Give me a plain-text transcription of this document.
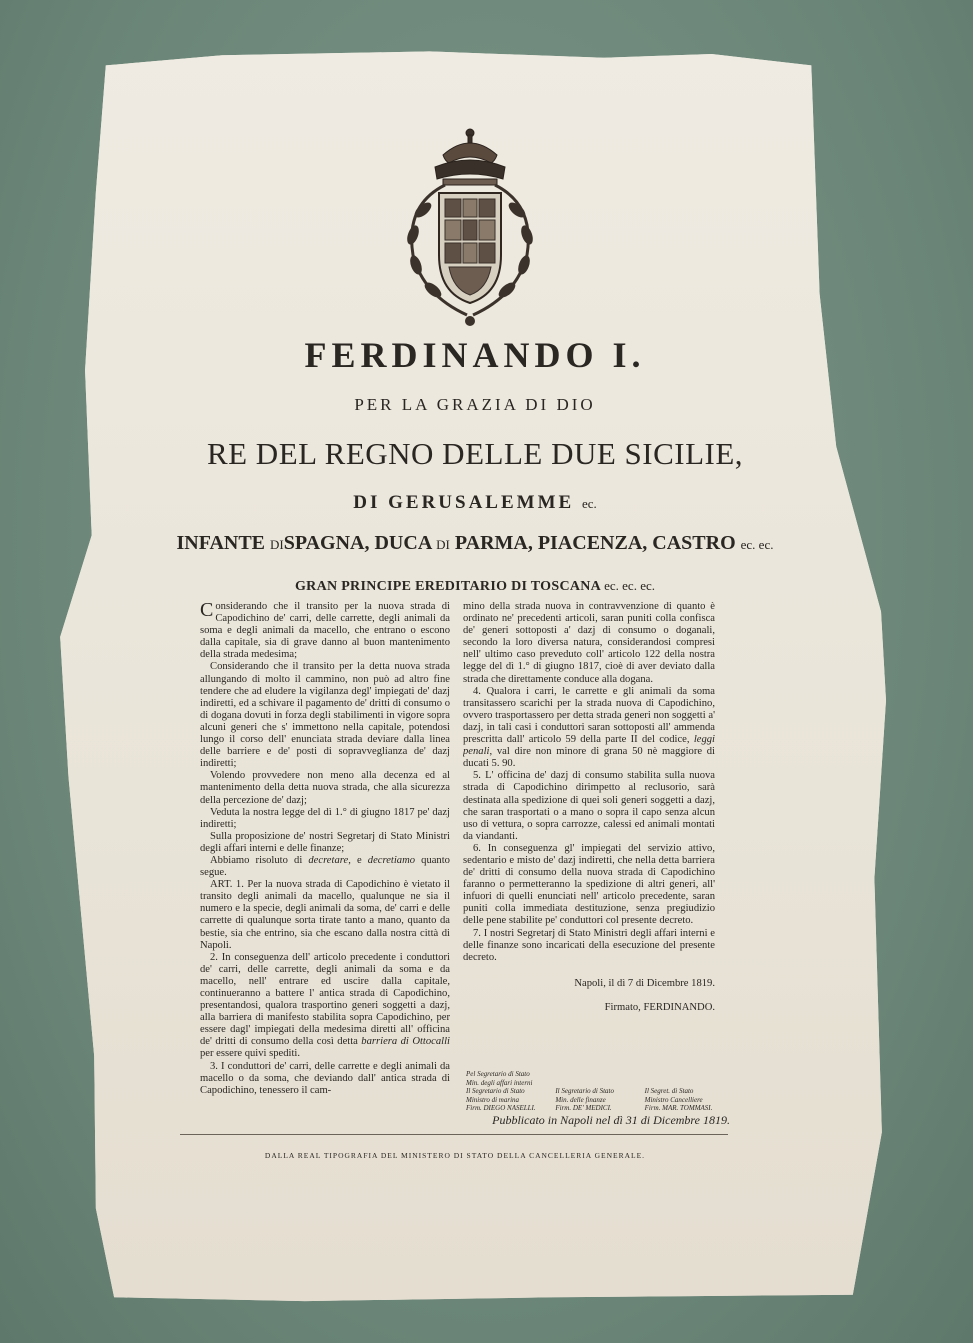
FERDINANDO I.
PER LA GRAZIA DI DIO
RE DEL REGNO DELLE DUE SICILIE,
DI GERUSALEMME ec.
INFANTE DISPAGNA, DUCA DI PARMA, PIACENZA, CASTRO ec. ec.
GRAN PRINCIPE EREDITARIO DI TOSCANA ec. ec. ec.

Considerando che il transito per la nuova strada di Capodichino de' carri, delle carrette, degli animali da soma e degli animali da macello, che entrano o escono dalla capitale, sia di grave danno al buon mantenimento della strada medesima;

Considerando che il transito per la detta nuova strada allungando di molto il cammino, non può ad altro fine tendere che ad eludere la vigilanza degl' impiegati de' dazj indiretti, ed a schivare il pagamento de' dritti di consumo o di dogana dovuti in forza degli stabilimenti in vigore sopra alcuni generi che s' immettono nella capitale, potendosi lungo il corso dell' enunciata strada deviare dalla linea delle barriere e de' posti di sopravveglianza de' dazj indiretti;

Volendo provvedere non meno alla decenza ed al mantenimento della detta nuova strada, che alla sicurezza della percezione de' dazj;

Veduta la nostra legge del dì 1.° di giugno 1817 pe' dazj indiretti;

Sulla proposizione de' nostri Segretarj di Stato Ministri degli affari interni e delle finanze;

Abbiamo risoluto di decretare, e decretiamo quanto segue.

ART. 1. Per la nuova strada di Capodichino è vietato il transito degli animali da macello, qualunque ne sia il numero e la specie, degli animali da soma, de' carri e delle carrette di qualunque sorta tirate tanto a mano, quanto da bestie, sia che entrino, sia che escano dalla nostra città di Napoli.

2. In conseguenza dell' articolo precedente i conduttori de' carri, delle carrette, degli animali da soma e da macello, nell' entrare ed uscire dalla capitale, continueranno a battere l' antica strada di Capodichino, presentandosi, qualora trasportino generi soggetti a dazj, alla barriera di manifesto stabilita sopra Capodichino, per essere dagl' impiegati della medesima diretti all' officina de' dritti di consumo della così detta barriera di Ottocalli per essere quivi spediti.

3. I conduttori de' carri, delle carrette e degli animali da macello o da soma, che deviando dall' antica strada di Capodichino, tenessero il cam-

mino della strada nuova in contravvenzione di quanto è ordinato ne' precedenti articoli, saran puniti colla confisca de' generi sottoposti a' dazj di consumo o doganali, secondo la loro diversa natura, considerandosi compresi nell' ultimo caso preveduto coll' articolo 122 della nostra legge del dì 1.° di giugno 1817, cioè di aver deviato dalla strada che direttamente conduce alla dogana.

4. Qualora i carri, le carrette e gli animali da soma transitassero scarichi per la strada nuova di Capodichino, ovvero trasportassero per detta strada generi non soggetti a' dazj, in tali casi i conduttori saran sottoposti all' ammenda prescritta dall' articolo 59 della parte II del codice, leggi penali, val dire non minore di grana 50 nè maggiore di ducati 5. 90.

5. L' officina de' dazj di consumo stabilita sulla nuova strada di Capodichino dirimpetto al reclusorio, sarà destinata alla spedizione di quei soli generi soggetti a dazj, che saran trasportati o a mano o sopra il capo senza alcun uso di vettura, o sopra carrozze, calessi ed animali montati da viandanti.

6. In conseguenza gl' impiegati del servizio attivo, sedentario e misto de' dazj indiretti, che nella detta barriera de' dritti di consumo della nuova strada di Capodichino faranno o permetteranno la spedizione di altri generi, all' infuori di quelli enunciati nell' articolo precedente, saran puniti colla immediata destituzione, senza pregiudizio delle pene stabilite pe' conduttori col presente decreto.

7. I nostri Segretarj di Stato Ministri degli affari interni e delle finanze sono incaricati della esecuzione del presente decreto.

Napoli, il dì 7 di Dicembre 1819.

Firmato, FERDINANDO.

Pel Segretario di Stato
Min. degli affari interni
Il Segretario di Stato
Ministro di marina
Firm. DIEGO NASELLI.
Il Segretario di Stato
Min. delle finanze
Firm. DE' MEDICI.
Il Segret. di Stato
Ministro Cancelliere
Firm. MAR. TOMMASI.
Pubblicato in Napoli nel dì 31 di Dicembre 1819.
DALLA REAL TIPOGRAFIA DEL MINISTERO DI STATO DELLA CANCELLERIA GENERALE.
